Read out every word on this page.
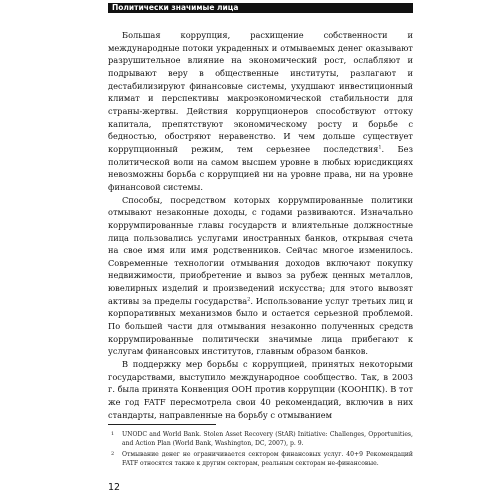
Политически значимые лица

Большая коррупция, расхищение собственности и международные потоки украденных и отмываемых денег оказывают разрушительное влияние на экономический рост, ослабляют и подрывают веру в общественные институты, разлагают и дестабилизируют финансовые системы, ухудшают инвестиционный климат и перспективы макроэкономической стабильности для страны-жертвы. Действия коррупционеров способствуют оттоку капитала, препятствуют экономическому росту и борьбе с бедностью, обостряют неравенство. И чем дольше существует коррупционный режим, тем серьезнее последствия$^1$. Без политической воли на самом высшем уровне в любых юрисдикциях невозможны борьба с коррупцией ни на уровне права, ни на уровне финансовой системы.

Способы, посредством которых коррумпированные политики отмывают незаконные доходы, с годами развиваются. Изначально коррумпированные главы государств и влиятельные должностные лица пользовались услугами иностранных банков, открывая счета на свое имя или имя родственников. Сейчас многое изменилось. Современные технологии отмывания доходов включают покупку недвижимости, приобретение и вывоз за рубеж ценных металлов, ювелирных изделий и произведений искусства; для этого вывозят активы за пределы государства$^2$. Использование услуг третьих лиц и корпоративных механизмов было и остается серьезной проблемой. По большей части для отмывания незаконно полученных средств коррумпированные политически значимые лица прибегают к услугам финансовых институтов, главным образом банков.

В поддержку мер борьбы с коррупцией, принятых некоторыми государствами, выступило международное сообщество. Так, в 2003 г. была принята Конвенция ООН против коррупции (КООНПК). В тот же год FATF пересмотрела свои 40 рекомендаций, включив в них стандарты, направленные на борьбу с отмыванием

1 UNODC and World Bank. Stolen Asset Recovery (StAR) Initiative: Challenges, Opportunities, and Action Plan (World Bank, Washington, DC, 2007), p. 9.
2 Отмывание денег не ограничивается сектором финансовых услуг. 40+9 Рекомендаций FATF относятся также к другим секторам, реальным секторам не-финансовые.
12
